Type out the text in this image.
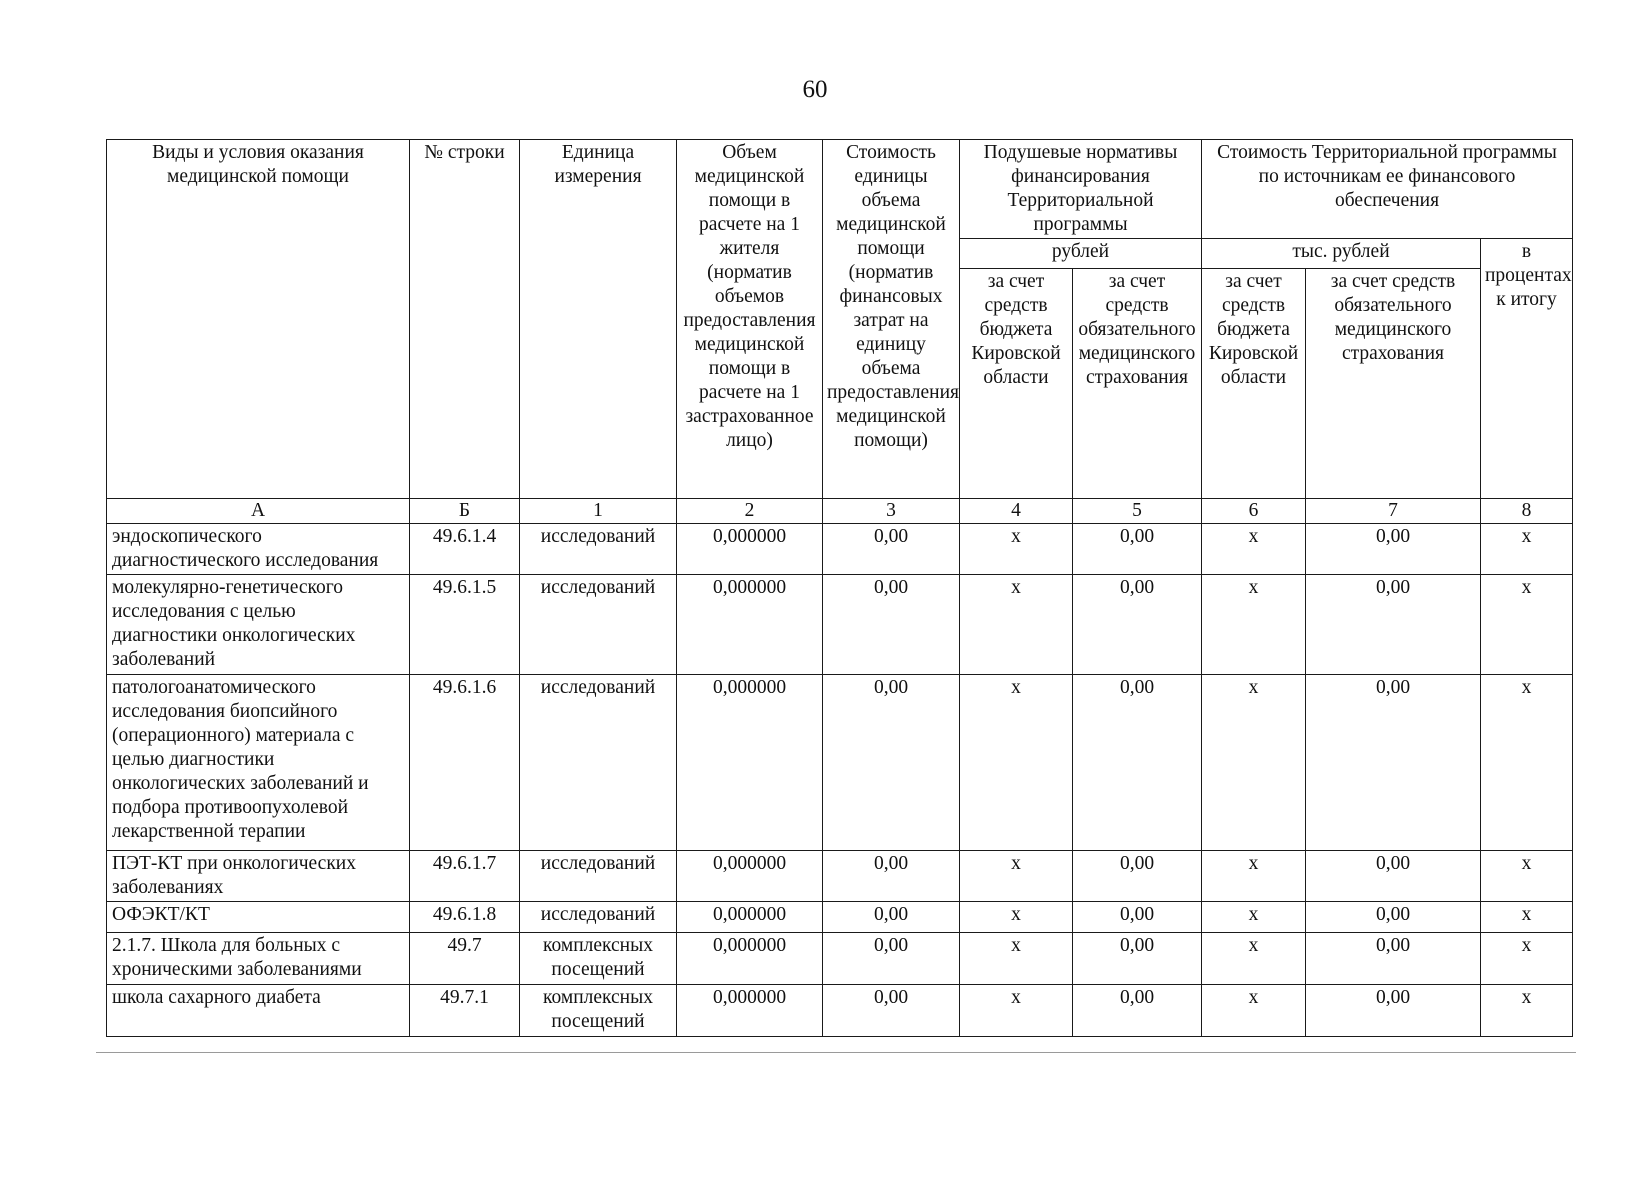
60
Виды и условия оказания медицинской помощи	№ строки	Единица измерения	Объем медицинской помощи в расчете на 1 жителя (норматив объемов предоставления медицинской помощи в расчете на 1 застрахованное лицо)	Стоимость единицы объема медицинской помощи (норматив финансовых затрат на единицу объема предоставления медицинской помощи)	Подушевые нормативы финансирования Территориальной программы		Стоимость Территориальной программы по источникам ее финансового обеспечения		
					рублей		тыс. рублей		в процентах к итогу
					за счет средств бюджета Кировской области	за счет средств обязательного медицинского страхования	за счет средств бюджета Кировской области	за счет средств обязательного медицинского страхования	
А	Б	1	2	3	4	5	6	7	8
эндоскопического диагностического исследования	49.6.1.4	исследований	0,000000	0,00	х	0,00	х	0,00	х
молекулярно-генетического исследования с целью диагностики онкологических заболеваний	49.6.1.5	исследований	0,000000	0,00	х	0,00	х	0,00	х
патологоанатомического исследования биопсийного (операционного) материала с целью диагностики онкологических заболеваний и подбора противоопухолевой лекарственной терапии	49.6.1.6	исследований	0,000000	0,00	х	0,00	х	0,00	х
ПЭТ-КТ при онкологических заболеваниях	49.6.1.7	исследований	0,000000	0,00	х	0,00	х	0,00	х
ОФЭКТ/КТ	49.6.1.8	исследований	0,000000	0,00	х	0,00	х	0,00	х
2.1.7. Школа для больных с хроническими заболеваниями	49.7	комплексных посещений	0,000000	0,00	х	0,00	х	0,00	х
школа сахарного диабета	49.7.1	комплексных посещений	0,000000	0,00	х	0,00	х	0,00	х
